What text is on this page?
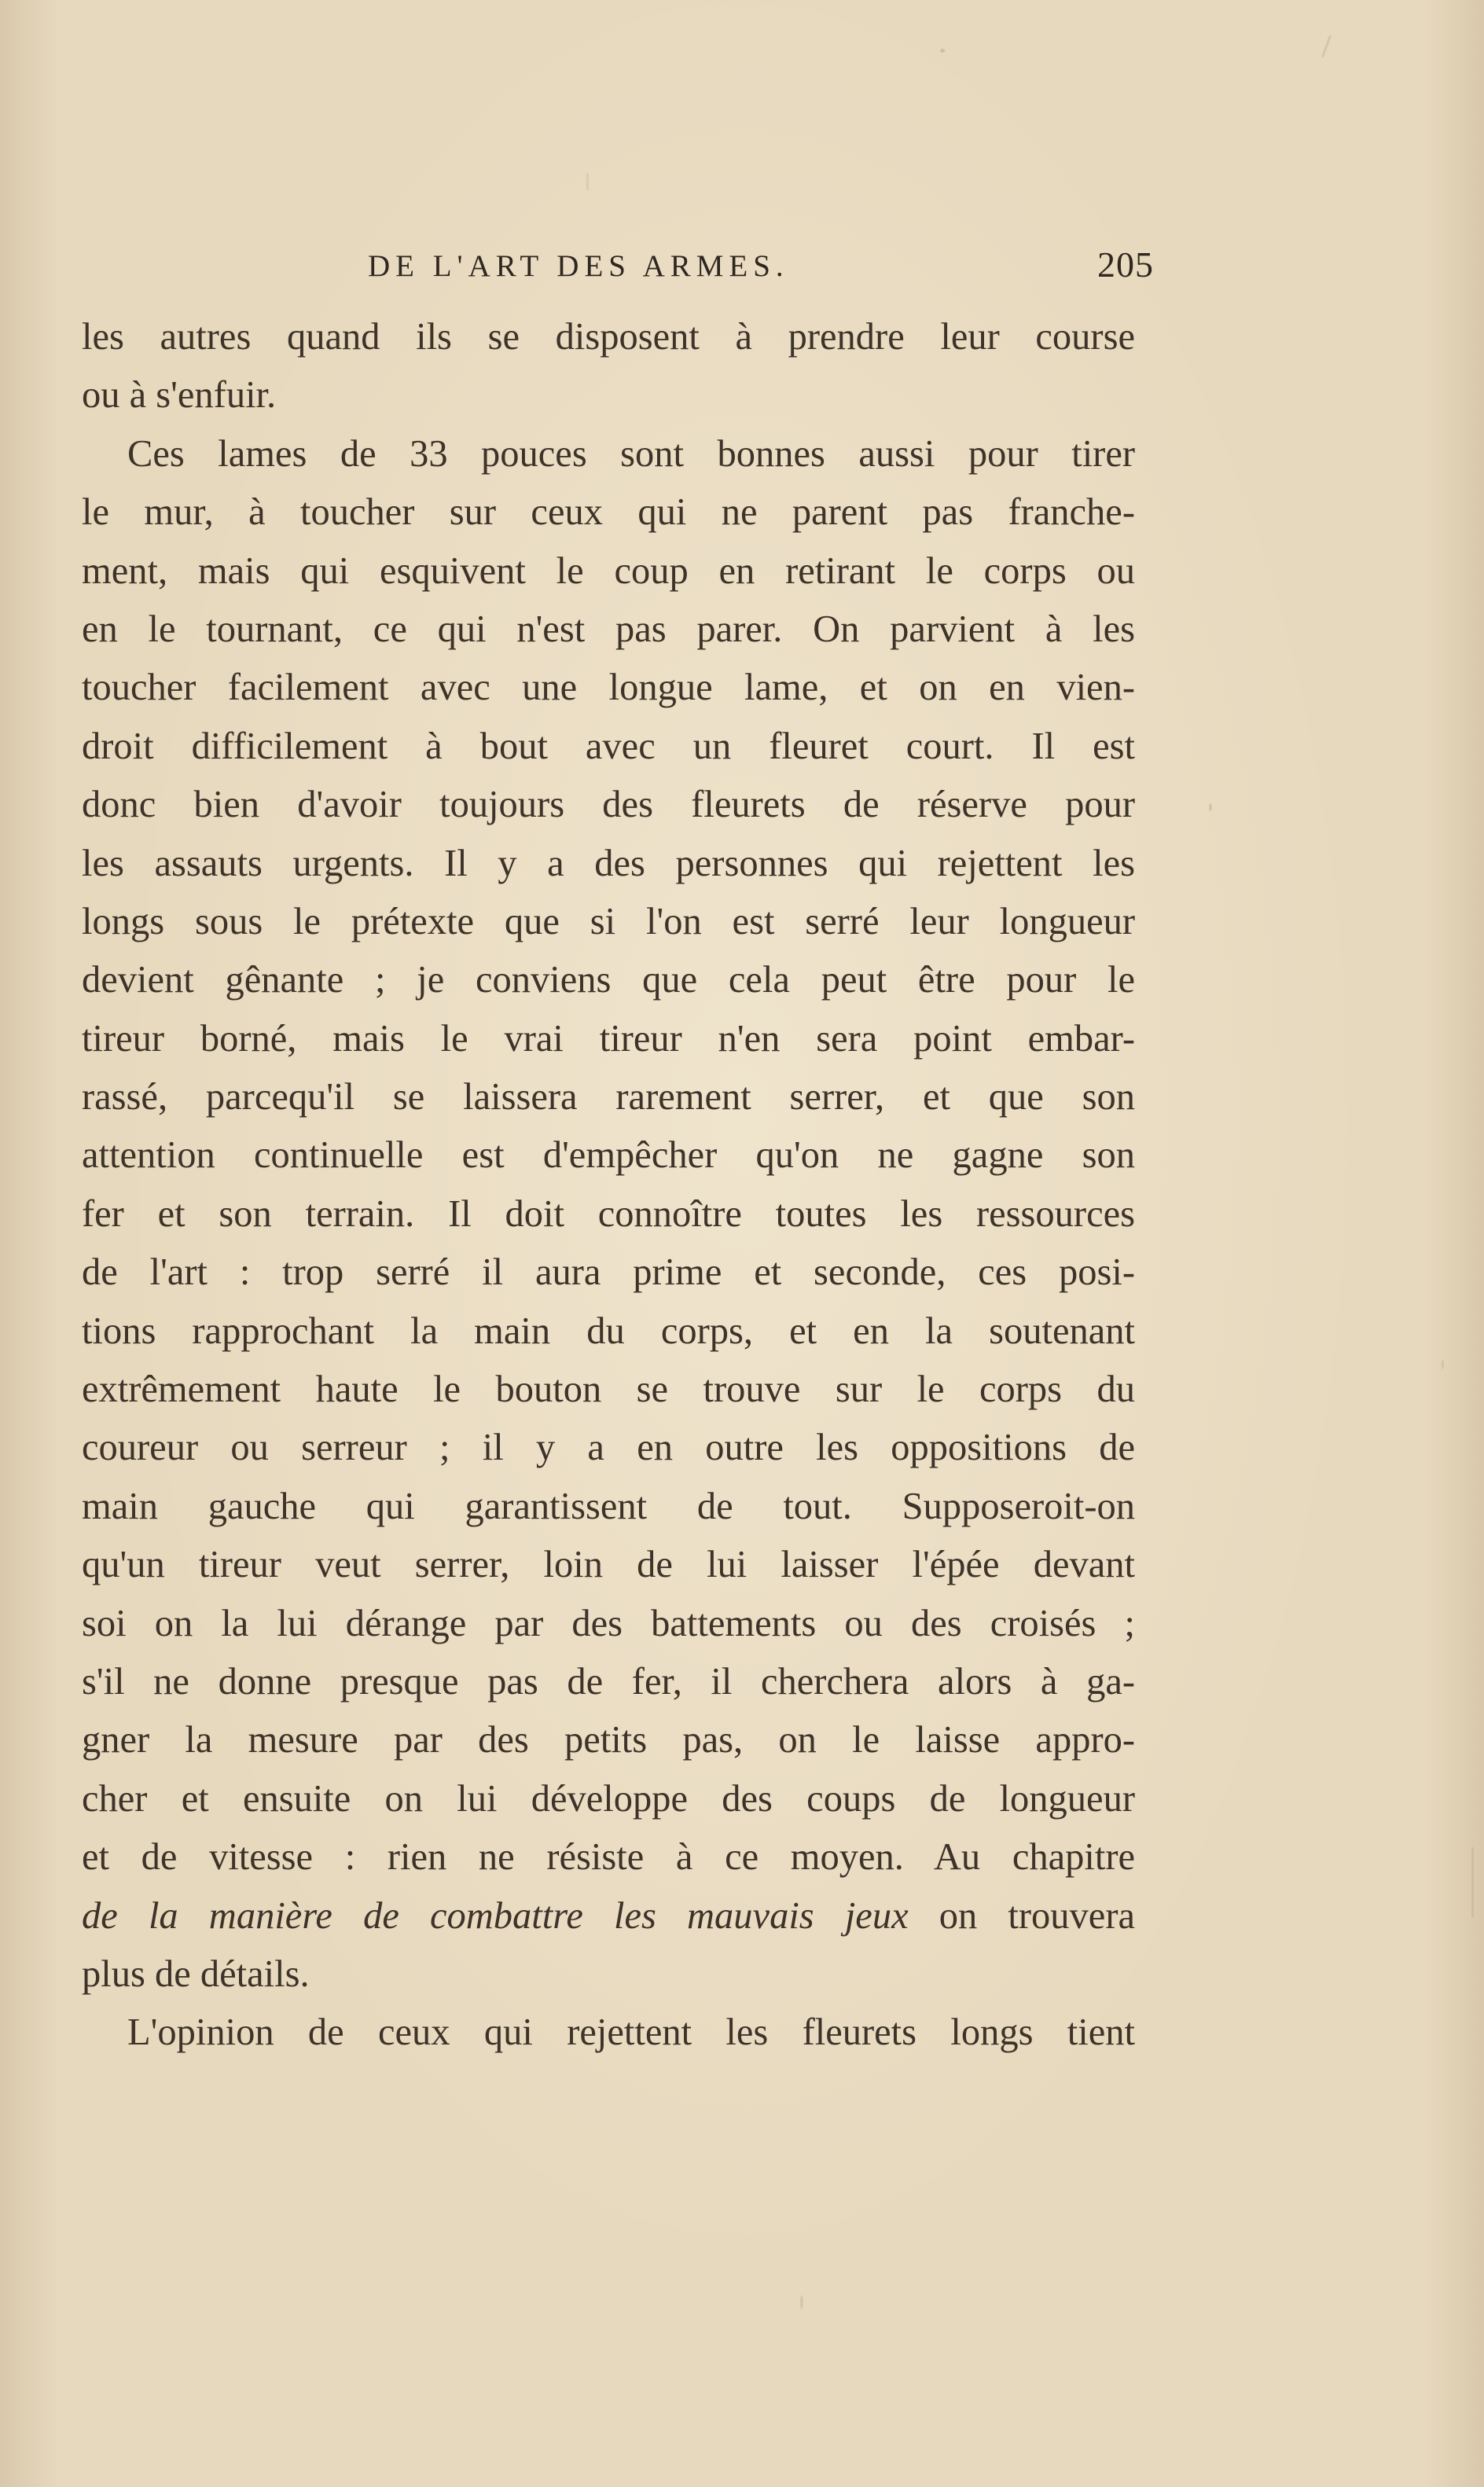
DE L'ART DES ARMES.	205
les autres quand ils se disposent à prendre leur course
ou à s'enfuir.
Ces lames de 33 pouces sont bonnes aussi pour tirer
le mur, à toucher sur ceux qui ne parent pas franche-
ment, mais qui esquivent le coup en retirant le corps ou
en le tournant, ce qui n'est pas parer. On parvient à les
toucher facilement avec une longue lame, et on en vien-
droit difficilement à bout avec un fleuret court. Il est
donc bien d'avoir toujours des fleurets de réserve pour
les assauts urgents. Il y a des personnes qui rejettent les
longs sous le prétexte que si l'on est serré leur longueur
devient gênante ; je conviens que cela peut être pour le
tireur borné, mais le vrai tireur n'en sera point embar-
rassé, parcequ'il se laissera rarement serrer, et que son
attention continuelle est d'empêcher qu'on ne gagne son
fer et son terrain. Il doit connoître toutes les ressources
de l'art : trop serré il aura prime et seconde, ces posi-
tions rapprochant la main du corps, et en la soutenant
extrêmement haute le bouton se trouve sur le corps du
coureur ou serreur ; il y a en outre les oppositions de
main gauche qui garantissent de tout. Supposeroit-on
qu'un tireur veut serrer, loin de lui laisser l'épée devant
soi on la lui dérange par des battements ou des croisés ;
s'il ne donne presque pas de fer, il cherchera alors à ga-
gner la mesure par des petits pas, on le laisse appro-
cher et ensuite on lui développe des coups de longueur
et de vitesse : rien ne résiste à ce moyen. Au chapitre
de la manière de combattre les mauvais jeux on trouvera
plus de détails.
L'opinion de ceux qui rejettent les fleurets longs tient
